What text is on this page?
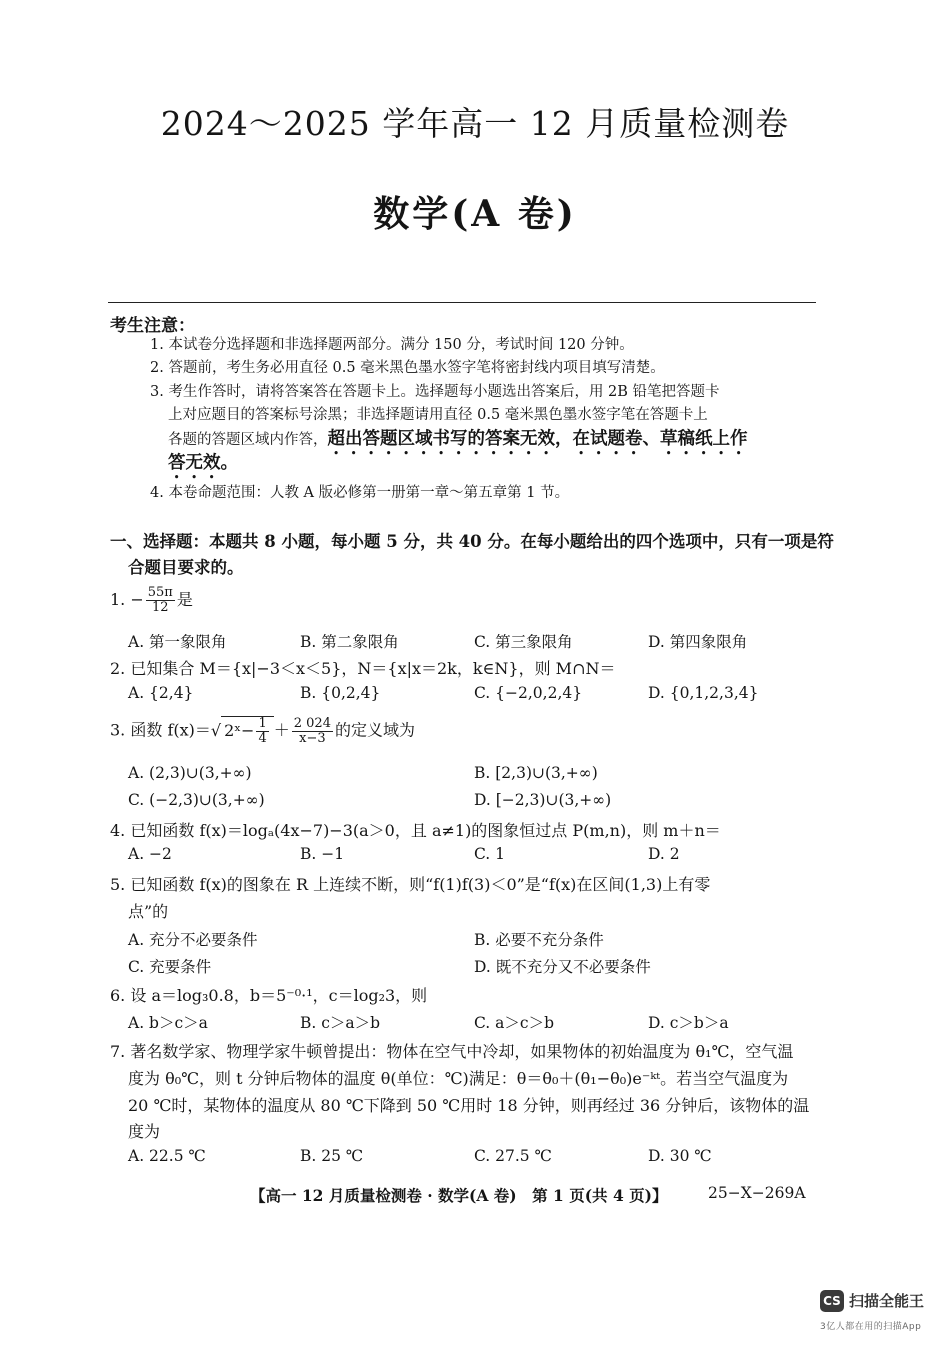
2024～2025 学年高一 12 月质量检测卷
数学(A 卷)
考生注意：
1. 本试卷分选择题和非选择题两部分。满分 150 分，考试时间 120 分钟。
2. 答题前，考生务必用直径 0.5 毫米黑色墨水签字笔将密封线内项目填写清楚。
3. 考生作答时，请将答案答在答题卡上。选择题每小题选出答案后，用 2B 铅笔把答题卡
上对应题目的答案标号涂黑；非选择题请用直径 0.5 毫米黑色墨水签字笔在答题卡上
各题的答题区域内作答，超出答题区域书写的答案无效，在试题卷、草稿纸上作
答无效。
4. 本卷命题范围：人教 A 版必修第一册第一章～第五章第 1 节。
一、选择题：本题共 8 小题，每小题 5 分，共 40 分。在每小题给出的四个选项中，只有一项是符
合题目要求的。
1. − $\frac{55\pi}{12}$ 是
A. 第一象限角	B. 第二象限角	C. 第三象限角	D. 第四象限角
2. 已知集合 M＝{x|−3＜x＜5}，N＝{x|x＝2k，k∈N}，则 M∩N＝
A. {2,4}	B. {0,2,4}	C. {−2,0,2,4}	D. {0,1,2,3,4}
3. 函数 f(x)＝√ 2ˣ− $\frac{1}{4} + \frac{2 024}{x-3}$ 的定义域为
A. (2,3)∪(3,+∞)	B. [2,3)∪(3,+∞)
C. (−2,3)∪(3,+∞)	D. [−2,3)∪(3,+∞)
4. 已知函数 f(x)＝logₐ(4x−7)−3(a＞0，且 a≠1)的图象恒过点 P(m,n)，则 m＋n＝
A. −2	B. −1	C. 1	D. 2
5. 已知函数 f(x)的图象在 R 上连续不断，则“f(1)f(3)＜0”是“f(x)在区间(1,3)上有零
点”的
A. 充分不必要条件	B. 必要不充分条件
C. 充要条件	D. 既不充分又不必要条件
6. 设 a＝log₃0.8，b＝5⁻⁰·¹，c＝log₂3，则
A. b＞c＞a	B. c＞a＞b	C. a＞c＞b	D. c＞b＞a
7. 著名数学家、物理学家牛顿曾提出：物体在空气中冷却，如果物体的初始温度为 θ₁℃，空气温
度为 θ₀℃，则 t 分钟后物体的温度 θ(单位：℃)满足：θ＝θ₀＋(θ₁−θ₀)e⁻ᵏᵗ。若当空气温度为
20 ℃时，某物体的温度从 80 ℃下降到 50 ℃用时 18 分钟，则再经过 36 分钟后，该物体的温
度为
A. 22.5 ℃	B. 25 ℃	C. 27.5 ℃	D. 30 ℃
【高一 12 月质量检测卷 · 数学(A 卷)　第 1 页(共 4 页)】	25−X−269A
CS 扫描全能王
3亿人都在用的扫描App
